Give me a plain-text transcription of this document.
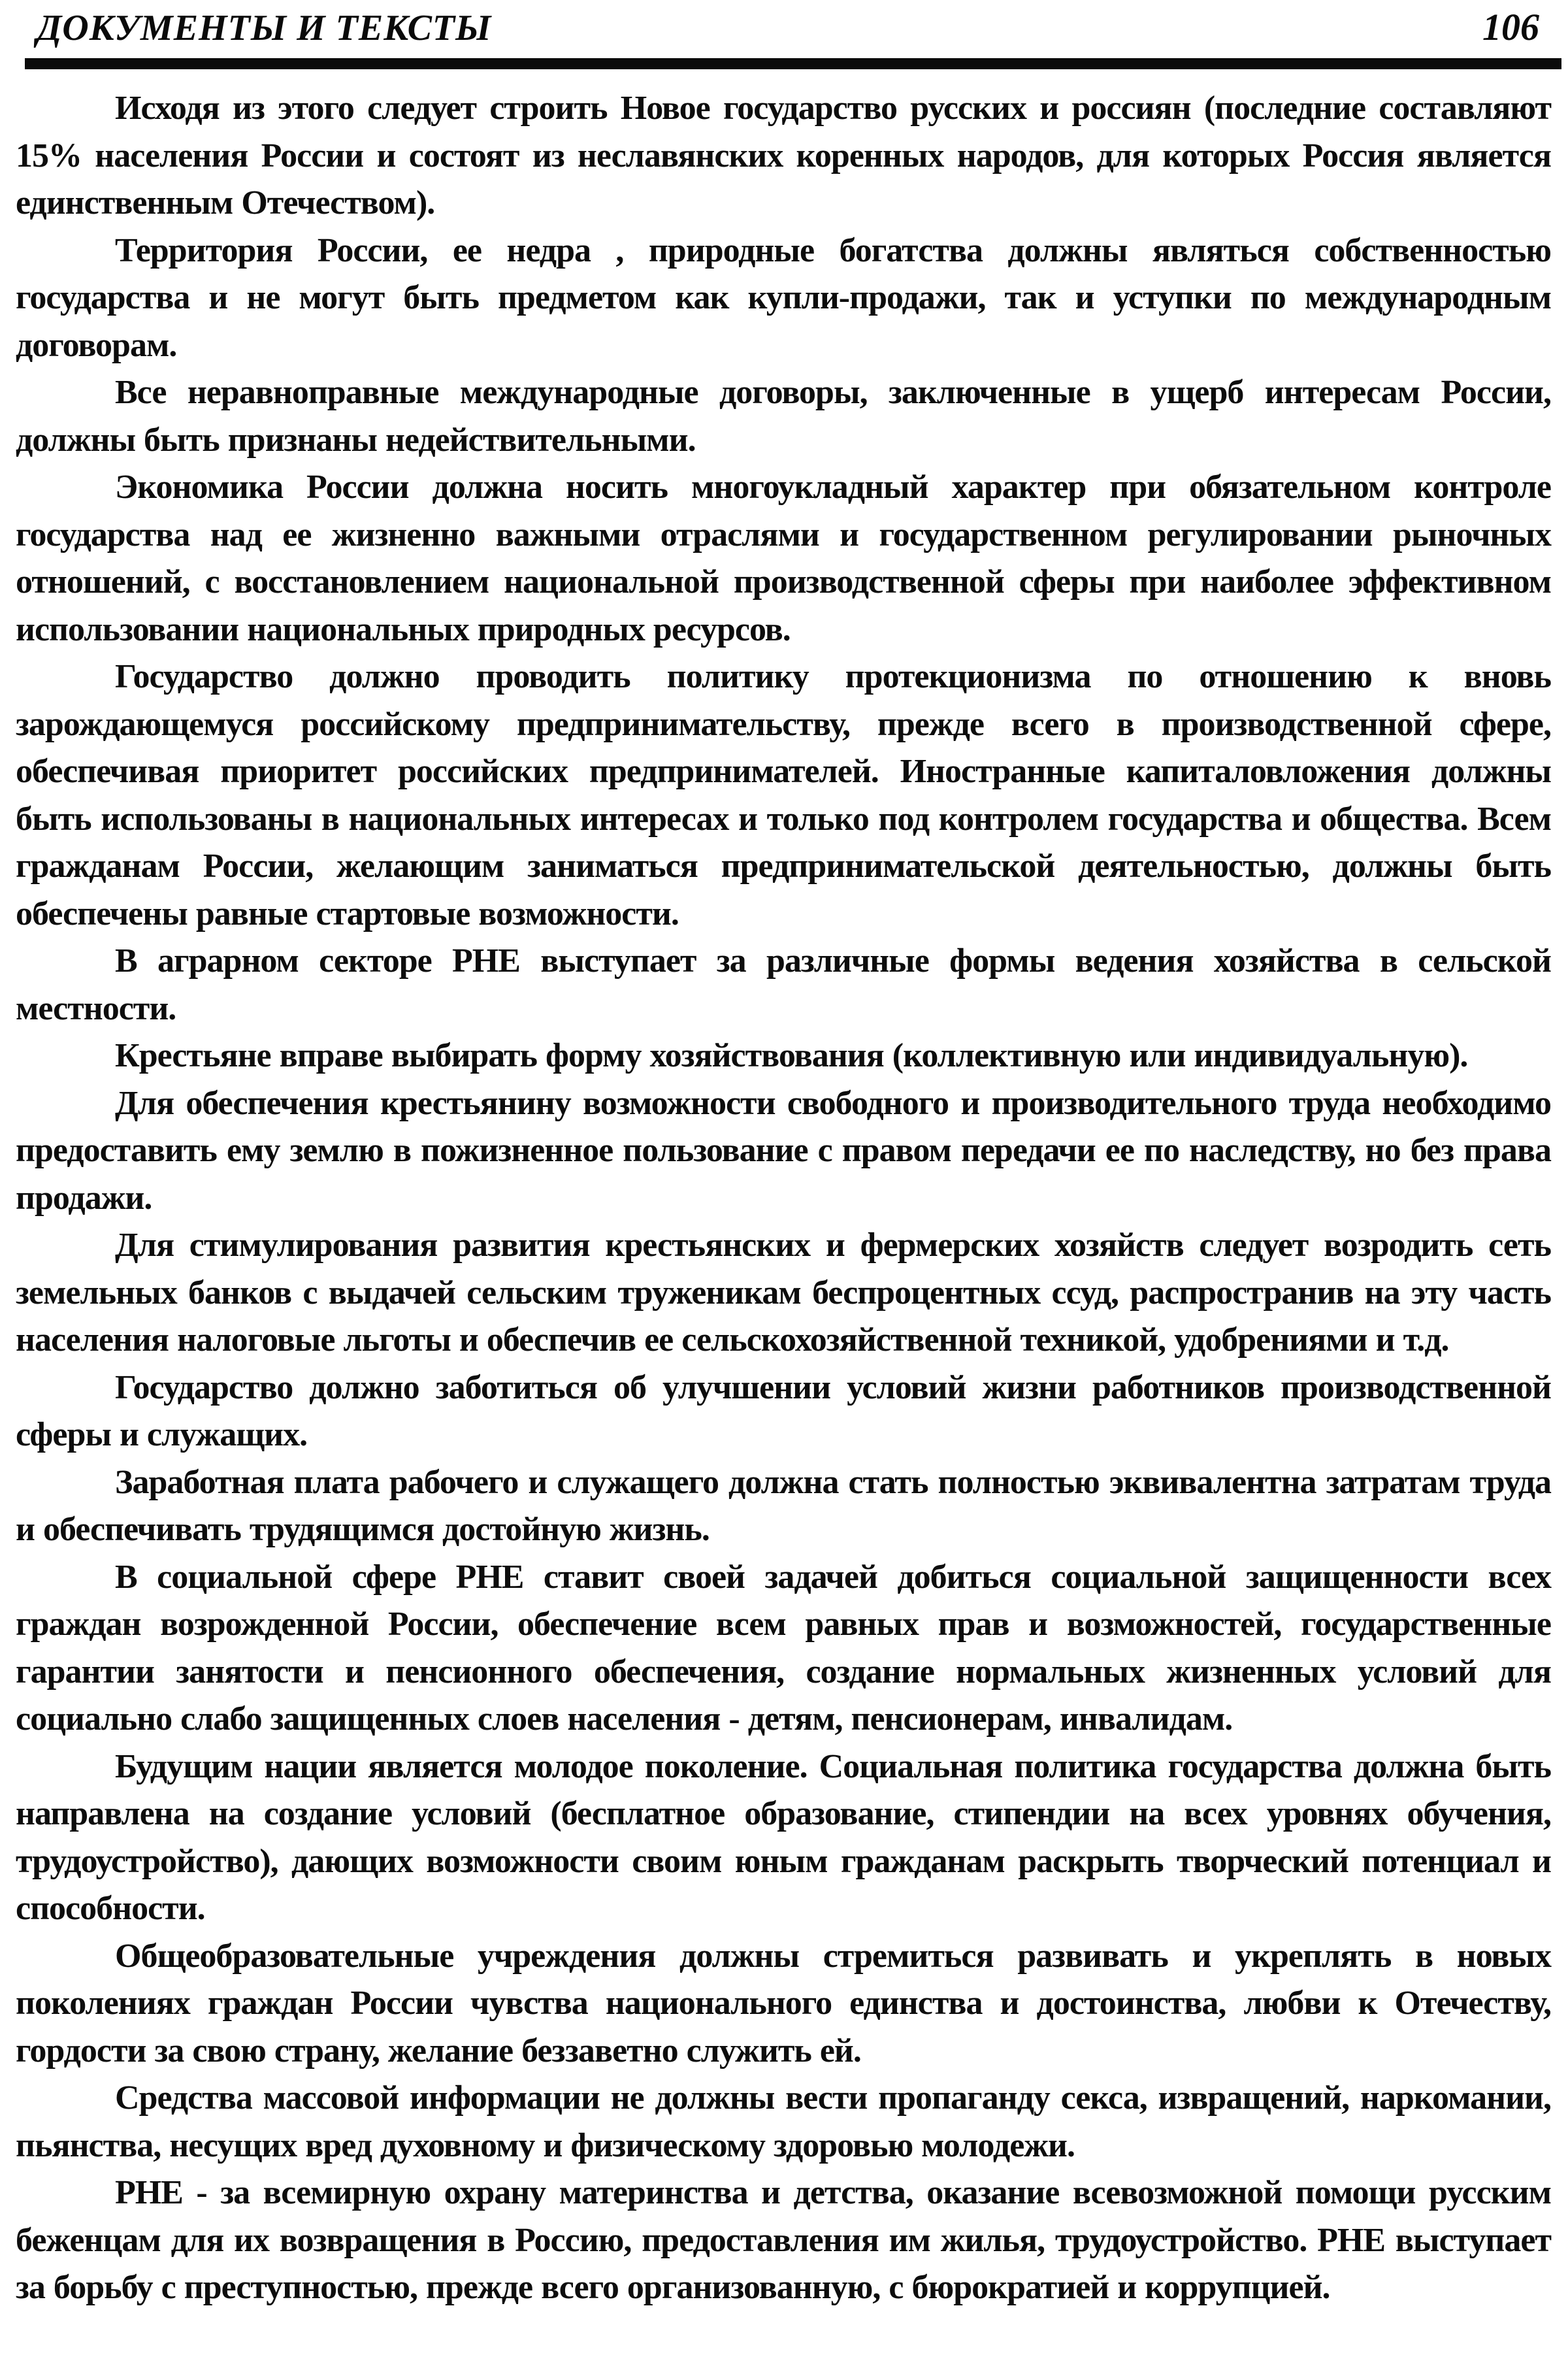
ДОКУМЕНТЫ И ТЕКСТЫ	106

Исходя из этого следует строить Новое государство русских и россиян (последние составляют 15% населения России и состоят из неславянских коренных народов, для которых Россия является единственным Отечеством).

Территория России, ее недра , природные богатства должны являться собственностью государства и не могут быть предметом как купли-продажи, так и уступки по международным договорам.

Все неравноправные международные договоры, заключенные в ущерб интересам России, должны быть признаны недействительными.

Экономика России должна носить многоукладный характер при обязательном контроле государства над ее жизненно важными отраслями и государственном регулировании рыночных отношений, с восстановлением национальной производственной сферы при наиболее эффективном использовании национальных природных ресурсов.

Государство должно проводить политику протекционизма по отношению к вновь зарождающемуся российскому предпринимательству, прежде всего в производственной сфере, обеспечивая приоритет российских предпринимателей. Иностранные капиталовложения должны быть использованы в национальных интересах и только под контролем государства и общества. Всем гражданам России, желающим заниматься предпринимательской деятельностью, должны быть обеспечены равные стартовые возможности.

В аграрном секторе РНЕ выступает за различные формы ведения хозяйства в сельской местности.

Крестьяне вправе выбирать форму хозяйствования (коллективную или индивидуальную).

Для обеспечения крестьянину возможности свободного и производительного труда необходимо предоставить ему землю в пожизненное пользование с правом передачи ее по наследству, но без права продажи.

Для стимулирования развития крестьянских и фермерских хозяйств следует возродить сеть земельных банков с выдачей сельским труженикам беспроцентных ссуд, распространив на эту часть населения налоговые льготы и обеспечив ее сельскохозяйственной техникой, удобрениями и т.д.

Государство должно заботиться об улучшении условий жизни работников производственной сферы и служащих.

Заработная плата рабочего и служащего должна стать полностью эквивалентна затратам труда и обеспечивать трудящимся достойную жизнь.

В социальной сфере РНЕ ставит своей задачей добиться социальной защищенности всех граждан возрожденной России, обеспечение всем равных прав и возможностей, государственные гарантии занятости и пенсионного обеспечения, создание нормальных жизненных условий для социально слабо защищенных слоев населения - детям, пенсионерам, инвалидам.

Будущим нации является молодое поколение. Социальная политика государства должна быть направлена на создание условий (бесплатное образование, стипендии на всех уровнях обучения, трудоустройство), дающих возможности своим юным гражданам раскрыть творческий потенциал и способности.

Общеобразовательные учреждения должны стремиться развивать и укреплять в новых поколениях граждан России чувства национального единства и достоинства, любви к Отечеству, гордости за свою страну, желание беззаветно служить ей.

Средства массовой информации не должны вести пропаганду секса, извращений, наркомании, пьянства, несущих вред духовному и физическому здоровью молодежи.

РНЕ - за всемирную охрану материнства и детства, оказание всевозможной помощи русским беженцам для их возвращения в Россию, предоставления им жилья, трудоустройство. РНЕ выступает за борьбу с преступностью, прежде всего организованную, с бюрократией и коррупцией.
